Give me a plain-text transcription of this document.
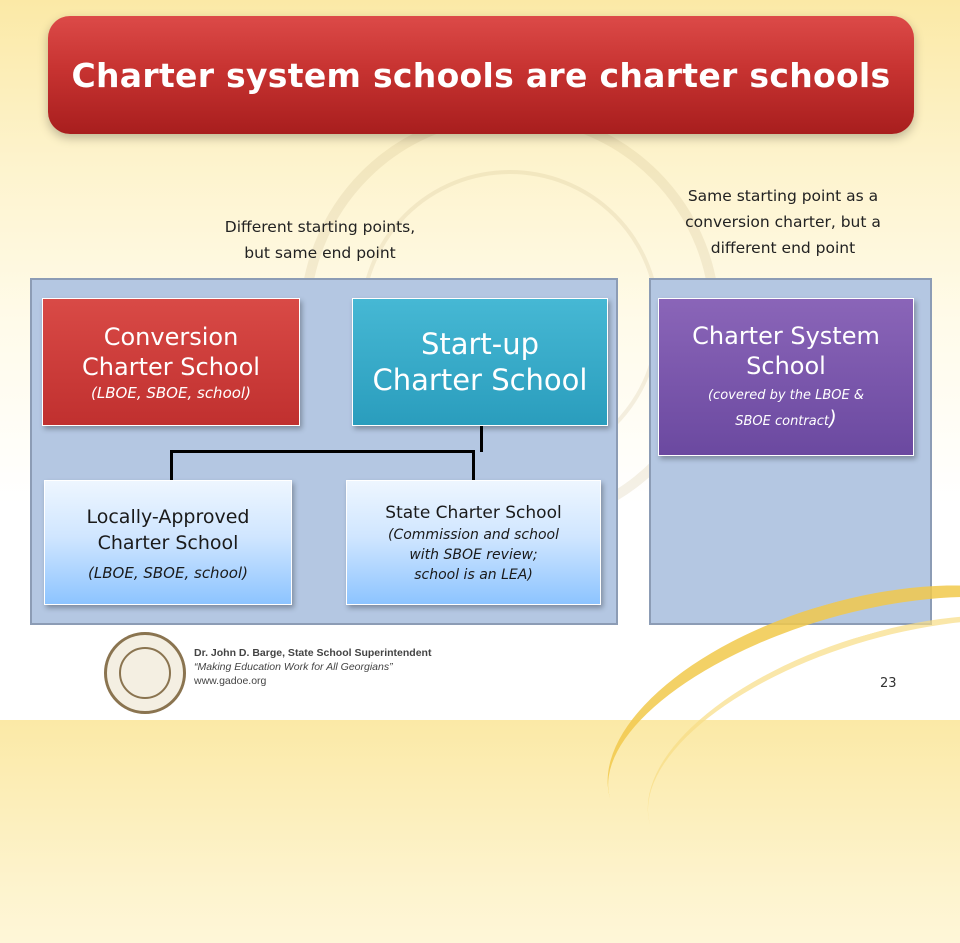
Charter system schools are charter schools
Different starting points,
but same end point
Same starting point as a
conversion charter, but a
different end point
Conversion
Charter School
(LBOE, SBOE, school)
Start-up
Charter School
Locally-Approved
Charter School
(LBOE, SBOE, school)
State Charter School
(Commission and school
with SBOE review;
school is an LEA)
Charter System
School
(covered by the LBOE &
SBOE contract)
Dr. John D. Barge, State School Superintendent
“Making Education Work for All Georgians”
www.gadoe.org	23
